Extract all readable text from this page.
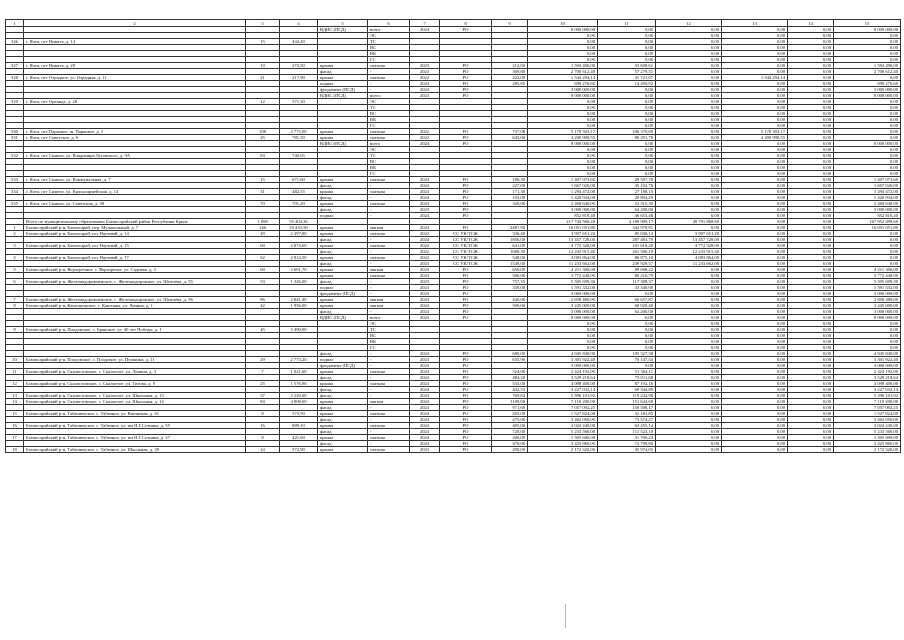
1	2	3	4	5	6	7	8	9	10	11	12	13	14	15
				ВДИС (ПСД)	всего:	2024	РО		8 000 000,00	0,00	0,00	0,00	0,00	8 000 000,00
					ЭС				0,00	0,00	0,00	0,00	0,00	0,00
326	г. Ялта, пгт Никита, д. 14	15	444,40		ТС				0,00	0,00	0,00	0,00	0,00	0,00
					ВС				0,00	0,00	0,00	0,00	0,00	0,00
					ВК				0,00	0,00	0,00	0,00	0,00	0,00
					ГС				0,00	0,00	0,00	0,00	0,00	0,00
327	г. Ялта, пгт Никита, д. 20	10	273,50	крыша	скатная	2023	РО	212,00	1 594 496,00	33 608,61	0,00	0,00	0,00	1 594 496,00
				фасад	-	2023	РО	369,80	2 700 612,40	57 279,51	0,00	0,00	0,00	2 700 612,40
328	г. Ялта, пгт Отрадное, ул. Отрадная, д. 11	21	217,90	крыша	скатная	2022	РО	222,00	1 544 294,14	31 721,07	0,00	1 544 294,14	0,00	0,00
				подвал	-	2024	РО	285,65	699 276,60	14 450,92	0,00	0,00	0,00	699 276,60
				фундамент (ПСД)	-	2024	РО		3 000 000,00	0,00	0,00	0,00	0,00	3 000 000,00
				ВДИС (ПСД)	всего:	2023	РО		8 000 000,00	0,00	0,00	0,00	0,00	8 000 000,00
329	г. Ялта, пгт Ореанда, д. 28	12	571,30		ЭС				0,00	0,00	0,00	0,00	0,00	0,00
					ТС				0,00	0,00	0,00	0,00	0,00	0,00
					ВС				0,00	0,00	0,00	0,00	0,00	0,00
					ВК				0,00	0,00	0,00	0,00	0,00	0,00
					ГС				0,00	0,00	0,00	0,00	0,00	0,00
330	г. Ялта, пгт Парковое, ш. Парковое, д. 1	108	2 775,00	крыша	скатная	2022	РО	737,08	5 178 303,17	106 370,69	0,00	5 178 303,17	0,00	0,00
331	г. Ялта, пгт Советское, д. 6	25	781,50	крыша	скатная	2022	РО	643,00	4 200 990,55	86 291,78	0,00	4 200 990,55	0,00	0,00
				ВДИС (ПСД)	всего	2024	РО		8 000 000,00	0,00	0,00	0,00	0,00	8 000 000,00
					ЭС				0,00	0,00	0,00	0,00	0,00	0,00
332	г. Ялта, пгт Симеиз, ул. Владимира Луговского, д. 9А	83	740,65		ТС				0,00	0,00	0,00	0,00	0,00	0,00
					ВС				0,00	0,00	0,00	0,00	0,00	0,00
					ВК				0,00	0,00	0,00	0,00	0,00	0,00
					ГС				0,00	0,00	0,00	0,00	0,00	0,00
333	г. Ялта, пгт Симеиз, ул. Коммунальная, д. 7	15	671,60	крыша	скатная	2024	РО	186,30	1 407 073,60	29 597,78	0,00	0,00	0,00	1 407 073,60
				фасад	-	2024	РО	227,00	1 667 026,00	35 102,76	0,00	0,00	0,00	1 667 026,00
334	г. Ялта, пгт Симеиз, ул. Красноармейская, д. 14	31	482,55	крыша	скатная	2024	РО	171,30	1 294 472,00	27 188,10	0,00	0,00	0,00	1 294 472,00
				фасад	-	2024	РО	192,00	1 420 934,00	29 894,29	0,00	0,00	0,00	1 420 934,00
335	г. Ялта, пгт Симеиз, ул. Советская, д. 38	70	701,20	крыша	скатная	2023	РО	320,00	2 468 640,00	52 315,30	0,00	0,00	0,00	2 468 640,00
				фасад	-	2023	РО		3 000 000,00	64 200,00	0,00	0,00	0,00	3 000 000,00
				подвал	-	2024	РО		852 818,40	46 653,48	0,00	0,00	0,00	852 818,40
	Всего по муниципальному образованию Бахчисарайский район Республики Крым:	1 098	55 404,36						217 743 568,26	4 189 909,17	49 791 868,60	0,00	0,00	167 952 499,66
1	Бахчисарайский р-н, Бахчисарай, пер. Музыкальный, д. 7	146	10 433,50	крыша	мягкая	2024	РО	2487,90	16 051 051,80	342 978,91	0,00	0,00	0,00	16 051 051,80
2	Бахчисарайский р-н, Бахчисарай, пгт Научный, д. 14	49	2 397,80	крыша	скатная	2022	СС УК/ТСЖ	336,40	3 997 651,20	85 036,14	3 997 651,20	0,00	0,00	0,00
				фасад	-	2024	СС УК/ТСЖ	1856,00	13 457 728,00	287 481,78	13 457 728,00	0,00	0,00	0,00
3	Бахчисарайский р-н, Бахчисарай, пгт Научный, д. 15	60	2 874,60	крыша	скатная	2022	СС УК/ТСЖ	641,00	4 772 328,00	101 618,20	4 772 328,00	0,00	0,00	0,00
				фасад	-	2022	СС УК/ТСЖ	1688,30	12 243 915,40	261 506,19	12 243 915,40	0,00	0,00	0,00
4	Бахчисарайский р-н, Бахчисарай, пгт Научный, д. 17	62	2 814,50	крыша	скатная	2022	СС УК/ТСЖ	548,00	4 083 864,00	86 875,10	4 083 864,00	0,00	0,00	0,00
				фасад	-	2023	СС УК/ТСЖ	1549,00	11 233 662,00	239 929,57	11 233 662,00	0,00	0,00	0,00
5	Бахчисарайский р-н, Верхоречное, с. Верхоречье, ул. Садовая, д. 2	60	2 601,70	крыша	мягкая	2023	РО	650,00	4 211 300,00	89 608,22	0,00	0,00	0,00	4 211 300,00
				крыша	скатная	2023	РО	506,00	3 772 448,00	80 216,79	0,00	0,00	0,00	3 772 448,00
6	Бахчисарайский р-н, Железнодорожненское, с. Железнодорожное, ул. Шмелёва, д. 55	53	1 326,00	фасад	-	2023	РО	757,35	5 505 699,30	117 308,37	0,00	0,00	0,00	5 505 699,30
				подвал	-	2023	РО	339,00	1 591 332,00	33 340,90	0,00	0,00	0,00	1 591 332,00
				фундамент (ПСД)	-	2023	РО		3 000 000,00	0,00	0,00	0,00	0,00	3 000 000,00
7	Бахчисарайский р-н, Железнодорожненское, с. Железнодорожное, ул. Шмелёва, д. 56	86	2 841,40	крыша	мягкая	2023	РО	440,00	2 858 480,00	60 657,87	0,00	0,00	0,00	2 858 480,00
8	Бахчисарайский р-н, Каштановское, с. Каштаны, ул. Ленина, д. 1	42	1 956,00	крыша	мягкая	2024	РО	500,00	3 245 000,00	68 929,40	0,00	0,00	0,00	3 245 000,00
				фасад	-	2024	РО		3 000 000,00	64 200,00	0,00	0,00	0,00	3 000 000,00
				ВДИС (ПСД)	всего:	2023	РО		8 000 000,00	0,00	0,00	0,00	0,00	8 000 000,00
					ЭС				0,00	0,00	0,00	0,00	0,00	0,00
9	Бахчисарайский р-н, Плодовское, с. Брянское, ул. 40 лет Победы, д. 1	45	3 490,00		ТС				0,00	0,00	0,00	0,00	0,00	0,00
					ВС				0,00	0,00	0,00	0,00	0,00	0,00
					ВК				0,00	0,00	0,00	0,00	0,00	0,00
					ГС				0,00	0,00	0,00	0,00	0,00	0,00
				фасад	-	2024	РО	680,00	4 945 840,00	105 327,38	0,00	0,00	0,00	4 945 840,00
10	Бахчисарайский р-н, Плодовское, с. Плодовое, ул. Пушкина, д. 11	29	2 773,20	подвал	-	2023	РО	635,90	3 301 922,40	70 147,54	0,00	0,00	0,00	3 301 922,40
				фундамент (ПСД)	-	2023	РО		3 000 000,00	0,00	0,00	0,00	0,00	3 000 000,00
11	Бахчисарайский р-н, Скалистовское, с. Скалистое, ул. Ленина, д. 3	7	1 021,60	крыша	скатная	2024	РО	324,00	2 424 192,00	51 364,11	0,00	0,00	0,00	2 424 192,00
				фасад	-	2024	РО	484,20	3 529 218,64	75 011,68	0,00	0,00	0,00	3 529 218,64
12	Бахчисарайский р-н, Скалистовское, с. Скалистое, ул. Титова, д. 9	25	1 576,90	крыша	скатная	2024	РО	535,00	4 098 400,00	87 192,16	0,00	0,00	0,00	4 098 400,00
				фасад	-	2024	РО	442,53	3 227 032,14	68 544,89	0,00	0,00	0,00	3 227 032,14
13	Бахчисарайский р-н, Скалистовское, с. Скалистое, ул. Школьная, д. 13	37	2 220,60	фасад	-	2023	РО	769,84	5 596 101,92	119 242,98	0,00	0,00	0,00	5 596 101,92
14	Бахчисарайский р-н, Скалистовское, с. Скалистое, ул. Школьная, д. 14	84	4 808,60	крыша	мягкая	2024	РО	1100,00	7 110 200,00	151 644,68	0,00	0,00	0,00	7 110 200,00
				фасад	-	2024	РО	971,69	7 057 092,25	150 508,17	0,00	0,00	0,00	7 057 092,25
15	Бахчисарайский р-н, Табачненское, с. Табачное, ул. Вишневая, д. 41	8	373,50	крыша	скатная	2024	РО	203,00	1 527 824,00	32 181,85	0,00	0,00	0,00	1 527 824,00
				фасад	-	2024	РО	475,00	3 462 050,00	73 574,27	0,00	0,00	0,00	3 462 050,00
16	Бахчисарайский р-н, Табачненское, с. Табачное, ул. им Н.Г.Сотника, д. 35	16	889,10	крыша	скатная	2024	РО	405,00	3 024 240,00	64 255,14	0,00	0,00	0,00	3 024 240,00
				фасад	-	2024	РО	720,00	5 233 560,00	111 523,10	0,00	0,00	0,00	5 233 560,00
17	Бахчисарайский р-н, Табачненское, с. Табачное, ул. им Н.Г.Сотника, д. 37	8	421,60	крыша	скатная	2024	РО	200,00	1 505 600,00	31 706,24	0,00	0,00	0,00	1 505 600,00
				фасад	-	2024	РО	470,00	3 425 860,00	72 799,80	0,00	0,00	0,00	3 425 860,00
18	Бахчисарайский р-н, Табачненское, с. Табачное, ул. Школьная, д. 29	24	572,90	крыша	скатная	2023	РО	290,00	2 172 320,00	45 974,05	0,00	0,00	0,00	2 172 320,00
